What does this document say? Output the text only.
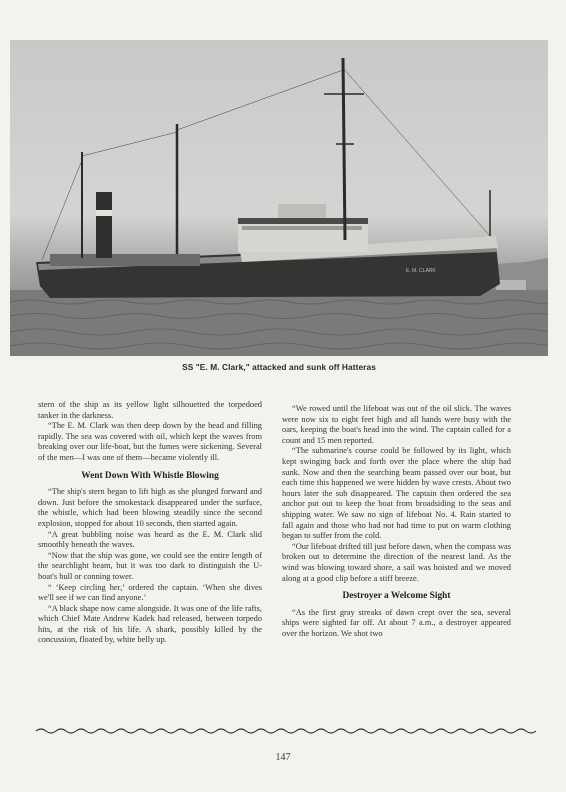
E. M. CLARK
SS "E. M. Clark," attacked and sunk off Hatteras

stern of the ship as its yellow light silhouetted the torpedoed tanker in the darkness.

“The E. M. Clark was then deep down by the head and filling rapidly. The sea was covered with oil, which kept the waves from breaking over our life-boat, but the fumes were sickening. Several of the men—I was one of them—became violently ill.

Went Down With Whistle Blowing

“The ship's stern began to lift high as she plunged forward and down. Just before the smokestack disappeared under the surface, the whistle, which had been blowing steadily since the second explosion, stopped for about 10 seconds, then started again.

“A great bubbling noise was heard as the E. M. Clark slid smoothly beneath the waves.

“Now that the ship was gone, we could see the entire length of the searchlight beam, but it was too dark to distinguish the U-boat's hull or conning tower.

“ ‘Keep circling her,’ ordered the captain. ‘When she dives we'll see if we can find anyone.’

“A black shape now came alongside. It was one of the life rafts, which Chief Mate Andrew Kadek had released, between torpedo hits, at the risk of his life. A shark, possibly killed by the concussion, floated by, white belly up.

“We rowed until the lifeboat was out of the oil slick. The waves were now six to eight feet high and all hands were busy with the oars, keeping the boat's head into the wind. The captain called for a count and 15 men reported.

“The submarine's course could be followed by its light, which kept swinging back and forth over the place where the ship had sunk. Now and then the searching beam passed over our boat, but each time this happened we were hidden by wave crests. About two hours later the sub disappeared. The captain then ordered the sea anchor put out to keep the boat from broadsiding to the seas and shipping water. We saw no sign of lifeboat No. 4. Rain started to fall again and those who had not had time to put on warm clothing began to suffer from the cold.

“Our lifeboat drifted till just before dawn, when the compass was broken out to determine the direction of the nearest land. As the wind was blowing toward shore, a sail was hoisted and we moved along at a good clip before a stiff breeze.

Destroyer a Welcome Sight

“As the first gray streaks of dawn crept over the sea, several ships were sighted far off. At about 7 a.m., a destroyer appeared over the horizon. We shot two

147
